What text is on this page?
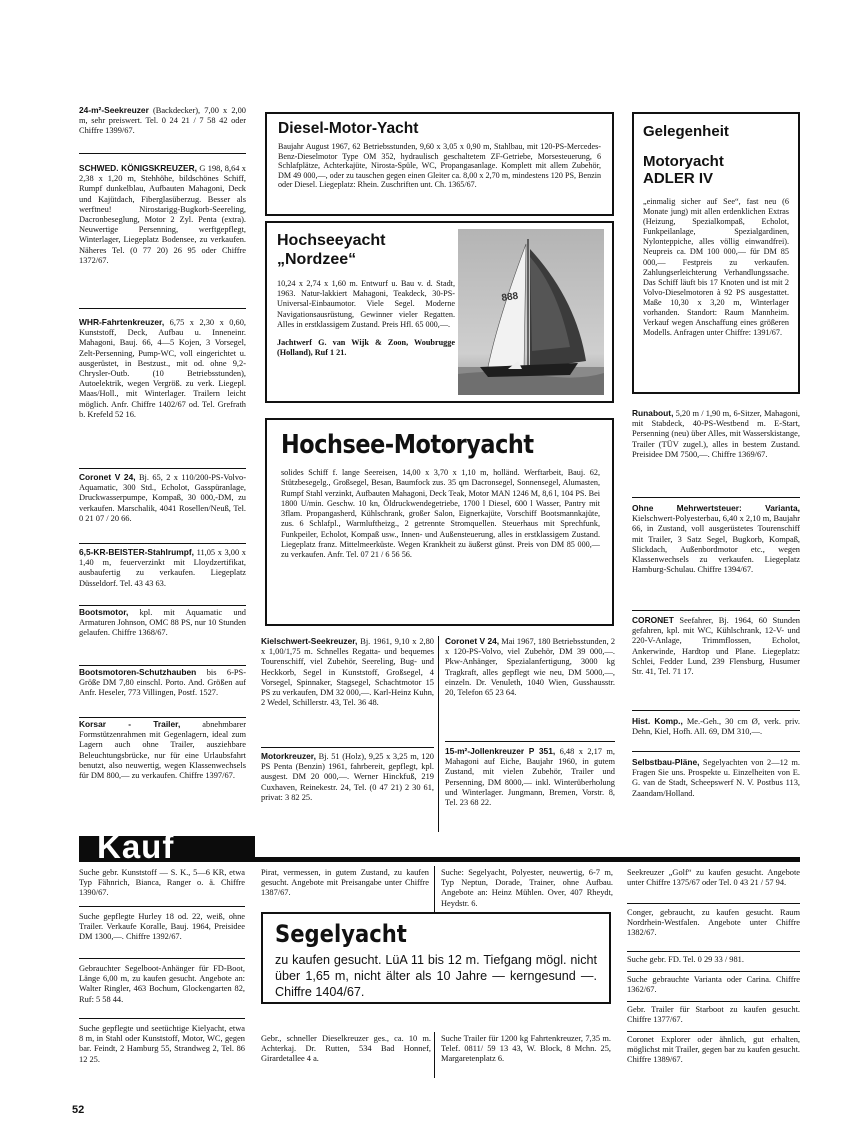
24-m²-Seekreuzer (Backdecker), 7,00 x 2,00 m, sehr preiswert. Tel. 0 24 21 / 7 58 42 oder Chiffre 1399/67.
SCHWED. KÖNIGSKREUZER, G 198, 8,64 x 2,38 x 1,20 m, Stehhöhe, bildschönes Schiff, Rumpf dunkelblau, Aufbauten Mahagoni, Deck und Kajütdach, Fiberglasüberzug. Besser als werftneu! Nirostarigg-Bugkorb-Seereling, Dacronbeseglung, Motor 2 Zyl. Penta (extra). Neuwertige Persenning, werftgepflegt, Winterlager, Liegeplatz Bodensee, zu verkaufen. Näheres Tel. (0 77 20) 26 95 oder Chiffre 1372/67.
WHR-Fahrtenkreuzer, 6,75 x 2,30 x 0,60, Kunststoff, Deck, Aufbau u. Inneneinr. Mahagoni, Bauj. 66, 4—5 Kojen, 3 Vorsegel, Zelt-Persenning, Pump-WC, voll eingerichtet u. ausgerüstet, in Bestzust., mit od. ohne 9,2-Chrysler-Outb. (10 Betriebsstunden), Autoelektrik, wegen Vergröß. zu verk. Liegepl. Maas/Holl., mit Winterlager. Trailern leicht möglich. Anfr. Chiffre 1402/67 od. Tel. Grefrath b. Krefeld 52 16.
Coronet V 24, Bj. 65, 2 x 110/200-PS-Volvo-Aquamatic, 300 Std., Echolot, Gasspüranlage, Druckwasserpumpe, Kompaß, 30 000,-DM, zu verkaufen. Marschalik, 4041 Rosellen/Neuß, Tel. 0 21 07 / 20 66.
6,5-KR-BEISTER-Stahlrumpf, 11,05 x 3,00 x 1,40 m, feuerverzinkt mit Lloydzertifikat, ausbaufertig zu verkaufen. Liegeplatz Düsseldorf. Tel. 43 43 63.
Bootsmotor, kpl. mit Aquamatic und Armaturen Johnson, OMC 88 PS, nur 10 Stunden gelaufen. Chiffre 1368/67.
Bootsmotoren-Schutzhauben bis 6-PS-Größe DM 7,80 einschl. Porto. And. Größen auf Anfr. Heseler, 773 Villingen, Postf. 1527.
Korsar - Trailer,	abnehmbarer Formstützenrahmen mit Gegenlagern, ideal zum Lagern auch ohne Trailer, ausziehbare Beleuchtungsbrücke, nur für eine Urlaubsfahrt benutzt, also neuwertig, wegen Klassenwechsels für DM 800,— zu verkaufen. Chiffre 1397/67.
Diesel-Motor-Yacht
Baujahr August 1967, 62 Betriebsstunden, 9,60 x 3,05 x 0,90 m, Stahlbau, mit 120-PS-Mercedes-Benz-Dieselmotor Type OM 352, hydraulisch geschaltetem ZF-Getriebe, Morsesteuerung, 6 Schlafplätze, Achterkajüte, Nirosta-Spüle, WC, Propangasanlage. Komplett mit allem Zubehör, DM 49 000,—, oder zu tauschen gegen einen Gleiter ca. 8,00 x 2,70 m, mindestens 120 PS, Benzin oder Diesel. Liegeplatz: Rhein. Zuschriften unt. Ch. 1365/67.
Hochseeyacht
„Nordzee“
10,24 x 2,74 x 1,60 m. Entwurf u. Bau v. d. Stadt, 1963. Natur-lakkiert Mahagoni, Teakdeck, 30-PS-Universal-Einbaumotor. Viele Segel. Moderne Navigationsausrüstung, Gewinner vieler Regatten. Alles in erstklassigem Zustand. Preis Hfl. 65 000,—.
Jachtwerf G. van Wijk & Zoon, Woubrugge (Holland), Ruf 1 21.
888
Hochsee-Motoryacht
solides Schiff f. lange Seereisen, 14,00 x 3,70 x 1,10 m, holländ. Werftarbeit, Bauj. 62, Stützbesegelg., Großsegel, Besan, Baumfock zus. 35 qm Dacronsegel, Sonnensegel, Alumasten, Rumpf Stahl verzinkt, Aufbauten Mahagoni, Deck Teak, Motor MAN 1246 M, 8,6 l, 104 PS. Bei 1800 U/min. Geschw. 10 kn, Öldruckwendegetriebe, 1700 l Diesel, 600 l Wasser, Pantry mit 3flam. Propangasherd, Kühlschrank, großer Salon, Eignerkajüte, Vorschiff Bootsmannkajüte, zus. 6 Schlafpl., Warmluftheizg., 2 getrennte Stromquellen. Steuerhaus mit Sprechfunk, Funkpeiler, Echolot, Kompaß usw., Innen- und Außensteuerung, alles in erstklassigem Zustand. Liegeplatz franz. Mittelmeerküste. Wegen Krankheit zu äußerst günst. Preis von DM 85 000,— zu verkaufen. Anfr. Tel. 07 21 / 6 56 56.
Kielschwert-Seekreuzer, Bj. 1961, 9,10 x 2,80 x 1,00/1,75 m. Schnelles Regatta- und bequemes Tourenschiff, viel Zubehör, Seereling, Bug- und Heckkorb, Segel in Kunststoff, Großsegel, 4 Vorsegel, Spinnaker, Stagsegel, Schachtmotor 15 PS zu verkaufen, DM 32 000,—. Karl-Heinz Kuhn, 2 Wedel, Schillerstr. 43, Tel. 36 48.
Motorkreuzer, Bj. 51 (Holz), 9,25 x 3,25 m, 120 PS Penta (Benzin) 1961, fahrbereit, gepflegt, kpl. ausgest. DM 20 000,—. Werner Hinckfuß, 219 Cuxhaven, Reinekestr. 24, Tel. (0 47 21) 2 30 61, privat: 3 82 25.
Coronet V 24, Mai 1967, 180 Betriebsstunden, 2 x 120-PS-Volvo, viel Zubehör, DM 39 000,—. Pkw-Anhänger, Spezialanfertigung, 3000 kg Tragkraft, alles gepflegt wie neu, DM 5000,—, einzeln. Dr. Venuleth, 1040 Wien, Gusshausstr. 20, Telefon 65 23 64.
15-m²-Jollenkreuzer P 351, 6,48 x 2,17 m, Mahagoni auf Eiche, Baujahr 1960, in gutem Zustand, mit vielen Zubehör, Trailer und Persenning, DM 8000,— inkl. Winterüberholung und Winterlager. Jungmann, Bremen, Vorstr. 8, Tel. 23 68 22.
Gelegenheit
Motoryacht
ADLER IV
„einmalig sicher auf See“, fast neu (6 Monate jung) mit allen erdenklichen Extras (Heizung, Spezialkompaß, Echolot, Funkpeilanlage, Spezialgardinen, Nylonteppiche, alles völlig einwandfrei). Neupreis ca. DM 100 000,— für DM 85 000,— Festpreis zu verkaufen. Zahlungserleichterung Verhandlungssache. Das Schiff läuft bis 17 Knoten und ist mit 2 Volvo-Dieselmotoren à 92 PS ausgestattet. Maße 10,30 x 3,20 m, Winterlager vorhanden. Standort: Raum Mannheim. Verkauf wegen Anschaffung eines größeren Modells. Anfragen unter Chiffre: 1391/67.
Runabout, 5,20 m / 1,90 m, 6-Sitzer, Mahagoni, mit Stabdeck, 40-PS-Westbend m. E-Start, Persenning (neu) über Alles, mit Wasserskistange, Trailer (TÜV zugel.), alles in bestem Zustand. Preisidee DM 7500,—. Chiffre 1369/67.
Ohne Mehrwertsteuer: Varianta, Kielschwert-Polyesterbau, 6,40 x 2,10 m, Baujahr 66, in Zustand, voll ausgerüstetes Tourenschiff mit Trailer, 3 Satz Segel, Bugkorb, Kompaß, Slickdach, Außenbordmotor etc., wegen Klassenwechsels zu verkaufen. Liegeplatz Hamburg-Schulau. Chiffre 1394/67.
CORONET Seefahrer, Bj. 1964, 60 Stunden gefahren, kpl. mit WC, Kühlschrank, 12-V- und 220-V-Anlage, Trimmflossen, Echolot, Ankerwinde, Hardtop und Plane. Liegeplatz: Schlei, Fedder Lund, 239 Flensburg, Husumer Str. 41, Tel. 71 17.
Hist. Komp., Me.-Geh., 30 cm Ø, verk. priv. Dehn, Kiel, Hofh. All. 69, DM 310,—.
Selbstbau-Pläne, Segelyachten von 2—12 m. Fragen Sie uns. Prospekte u. Einzelheiten von E. G. van de Stadt, Scheepswerf N. V. Postbus 113, Zaandam/Holland.
Kauf
Suche gebr. Kunststoff — S. K., 5—6 KR, etwa Typ Fähnrich, Bianca, Ranger o. ä. Chiffre 1390/67.
Suche gepflegte Hurley 18 od. 22, weiß, ohne Trailer. Verkaufe Koralle, Bauj. 1964, Preisidee DM 1300,—. Chiffre 1392/67.
Gebrauchter Segelboot-Anhänger für FD-Boot, Länge 6,00 m, zu kaufen gesucht. Angebote an: Walter Ringler, 463 Bochum, Glockengarten 82, Ruf: 5 58 44.
Suche gepflegte und seetüchtige Kielyacht, etwa 8 m, in Stahl oder Kunststoff, Motor, WC, gegen bar. Feindt, 2 Hamburg 55, Strandweg 2, Tel. 86 12 25.
Pirat, vermessen, in gutem Zustand, zu kaufen gesucht. Angebote mit Preisangabe unter Chiffre 1387/67.
Suche: Segelyacht, Polyester, neuwertig, 6-7 m, Typ Neptun, Dorade, Trainer, ohne Aufbau. Angebote an: Heinz Mühlen. Over, 407 Rheydt, Heydstr. 6.
Segelyacht
zu kaufen gesucht. LüA 11 bis 12 m. Tiefgang mögl. nicht über 1,65 m, nicht älter als 10 Jahre — kerngesund —. Chiffre 1404/67.
Gebr., schneller Dieselkreuzer ges., ca. 10 m. Achterkaj. Dr. Rutten, 534 Bad Honnef, Girardetallee 4 a.
Suche Trailer für 1200 kg Fahrtenkreuzer, 7,35 m. Telef. 0811/ 59 13 43, W. Block, 8 Mchn. 25, Margaretenplatz 6.
Seekreuzer „Golf“ zu kaufen gesucht. Angebote unter Chiffre 1375/67 oder Tel. 0 43 21 / 57 94.
Conger, gebraucht, zu kaufen gesucht. Raum Nordrhein-Westfalen. Angebote unter Chiffre 1382/67.
Suche gebr. FD. Tel. 0 29 33 / 981.
Suche gebrauchte Varianta oder Carina. Chiffre 1362/67.
Gebr. Trailer für Starboot zu kaufen gesucht. Chiffre 1377/67.
Coronet Explorer oder ähnlich, gut erhalten, möglichst mit Trailer, gegen bar zu kaufen gesucht. Chiffre 1389/67.
52
